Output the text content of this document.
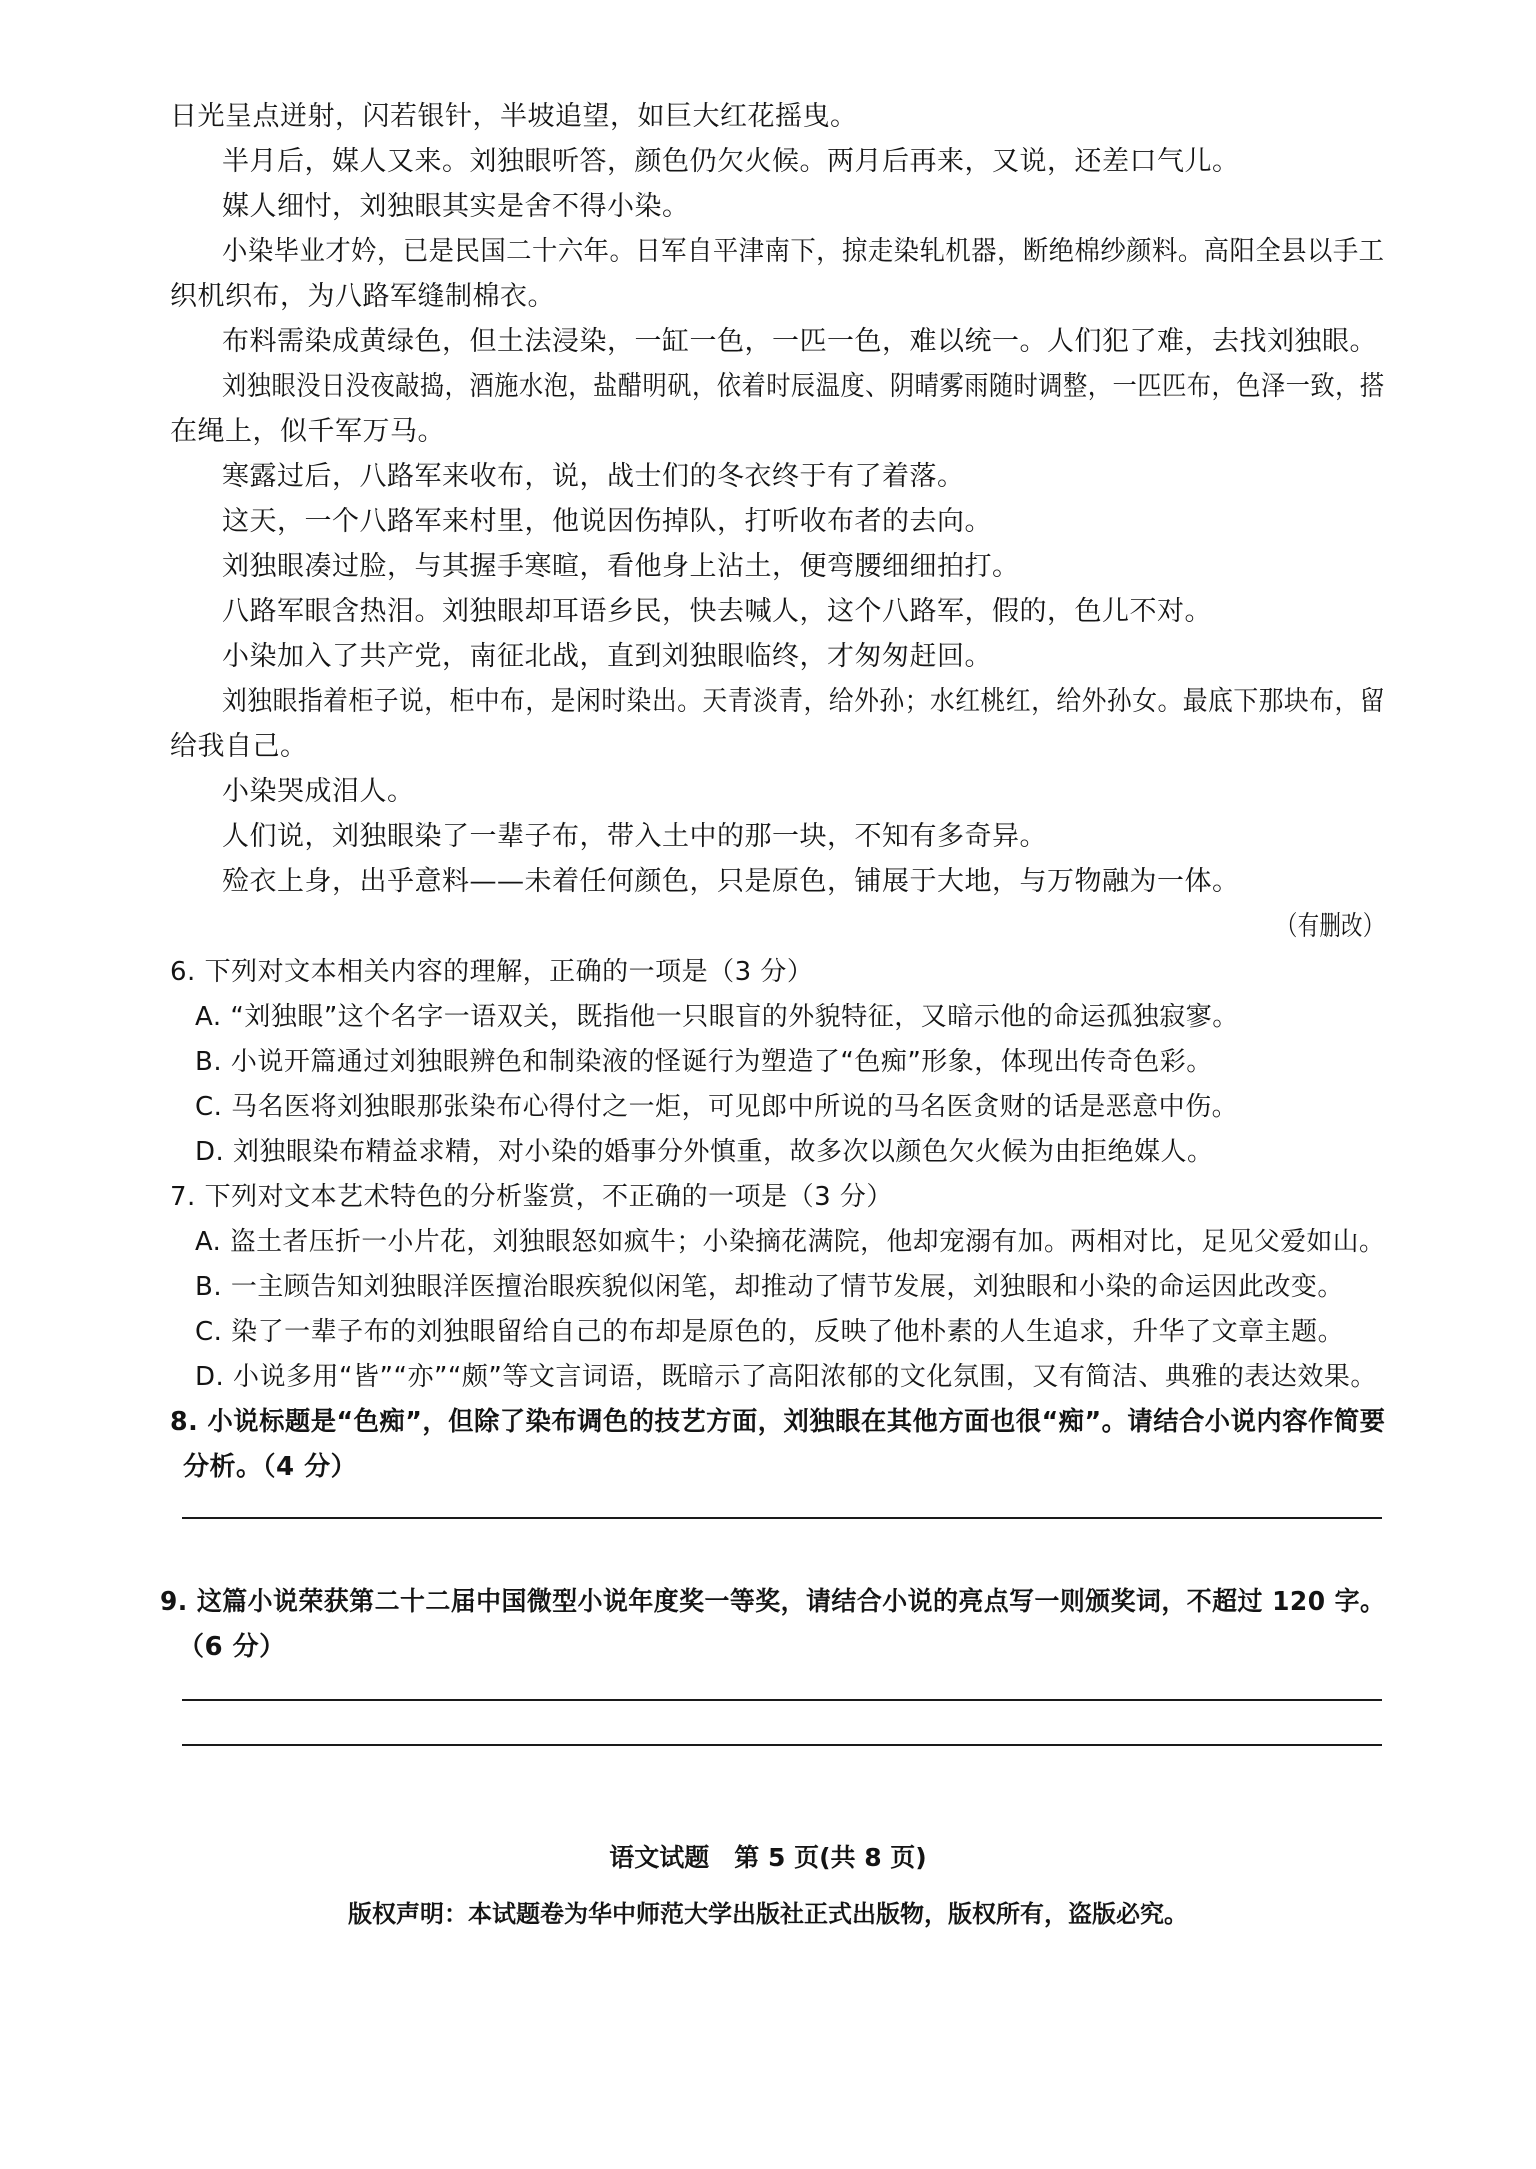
日光呈点迸射，闪若银针，半坡追望，如巨大红花摇曳。
半月后，媒人又来。刘独眼听答，颜色仍欠火候。两月后再来，又说，还差口气儿。
媒人细忖，刘独眼其实是舍不得小染。
小染毕业才妗，已是民国二十六年。日军自平津南下，掠走染轧机器，断绝棉纱颜料。高阳全县以手工
织机织布，为八路军缝制棉衣。
布料需染成黄绿色，但土法浸染，一缸一色，一匹一色，难以统一。人们犯了难，去找刘独眼。
刘独眼没日没夜敲捣，酒施水泡，盐醋明矾，依着时辰温度、阴晴雾雨随时调整，一匹匹布，色泽一致，搭
在绳上，似千军万马。
寒露过后，八路军来收布，说，战士们的冬衣终于有了着落。
这天，一个八路军来村里，他说因伤掉队，打听收布者的去向。
刘独眼凑过脸，与其握手寒暄，看他身上沾土，便弯腰细细拍打。
八路军眼含热泪。刘独眼却耳语乡民，快去喊人，这个八路军，假的，色儿不对。
小染加入了共产党，南征北战，直到刘独眼临终，才匆匆赶回。
刘独眼指着柜子说，柜中布，是闲时染出。天青淡青，给外孙；水红桃红，给外孙女。最底下那块布，留
给我自己。
小染哭成泪人。
人们说，刘独眼染了一辈子布，带入土中的那一块，不知有多奇异。
殓衣上身，出乎意料——未着任何颜色，只是原色，铺展于大地，与万物融为一体。
（有删改）
6. 下列对文本相关内容的理解，正确的一项是（3 分）
A. “刘独眼”这个名字一语双关，既指他一只眼盲的外貌特征，又暗示他的命运孤独寂寥。
B. 小说开篇通过刘独眼辨色和制染液的怪诞行为塑造了“色痴”形象，体现出传奇色彩。
C. 马名医将刘独眼那张染布心得付之一炬，可见郎中所说的马名医贪财的话是恶意中伤。
D. 刘独眼染布精益求精，对小染的婚事分外慎重，故多次以颜色欠火候为由拒绝媒人。
7. 下列对文本艺术特色的分析鉴赏，不正确的一项是（3 分）
A. 盗土者压折一小片花，刘独眼怒如疯牛；小染摘花满院，他却宠溺有加。两相对比，足见父爱如山。
B. 一主顾告知刘独眼洋医擅治眼疾貌似闲笔，却推动了情节发展，刘独眼和小染的命运因此改变。
C. 染了一辈子布的刘独眼留给自己的布却是原色的，反映了他朴素的人生追求，升华了文章主题。
D. 小说多用“皆”“亦”“颇”等文言词语，既暗示了高阳浓郁的文化氛围，又有简洁、典雅的表达效果。
8. 小说标题是“色痴”，但除了染布调色的技艺方面，刘独眼在其他方面也很“痴”。请结合小说内容作简要
分析。（4 分）
9. 这篇小说荣获第二十二届中国微型小说年度奖一等奖，请结合小说的亮点写一则颁奖词，不超过 120 字。
（6 分）
语文试题　第 5 页(共 8 页)
版权声明：本试题卷为华中师范大学出版社正式出版物，版权所有，盗版必究。
